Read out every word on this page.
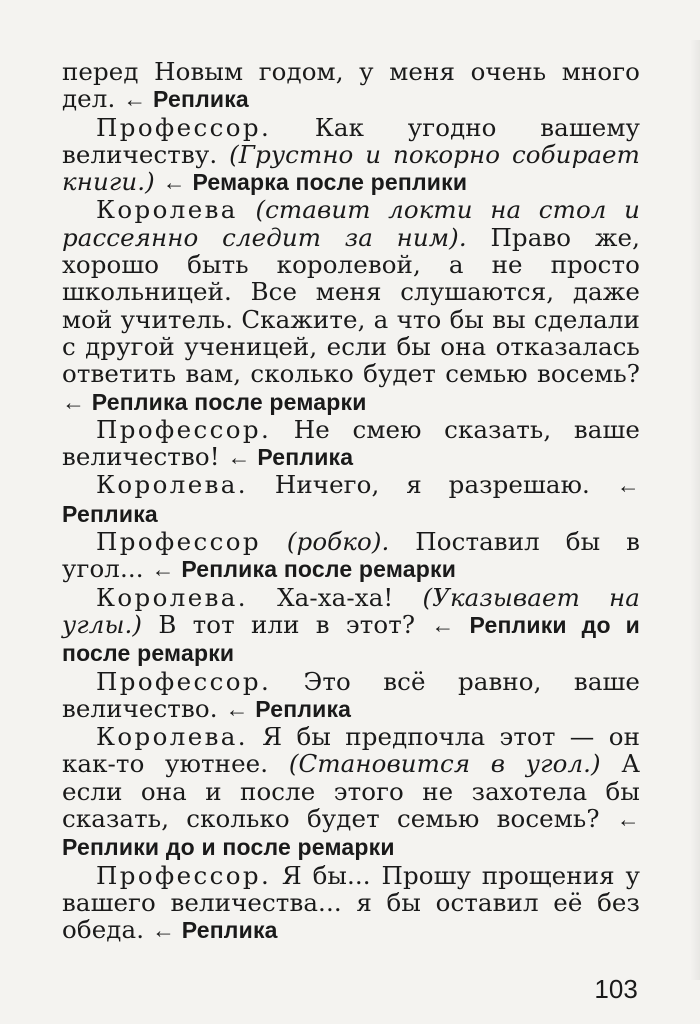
перед Новым годом, у меня очень много дел. ← Реплика

Профессор. Как угодно вашему величеству. (Грустно и покорно собирает книги.) ← Ремарка после реплики

Королева (ставит локти на стол и рассеянно следит за ним). Право же, хорошо быть королевой, а не просто школьницей. Все меня слушаются, даже мой учитель. Скажите, а что бы вы сделали с другой ученицей, если бы она отказалась ответить вам, сколько будет семью восемь? ← Реплика после ремарки

Профессор. Не смею сказать, ваше величество! ← Реплика

Королева. Ничего, я разрешаю. ← Реплика

Профессор (робко). Поставил бы в угол... ← Реплика после ремарки

Королева. Ха-ха-ха! (Указывает на углы.) В тот или в этот? ← Реплики до и после ремарки

Профессор. Это всё равно, ваше величество. ← Реплика

Королева. Я бы предпочла этот — он как-то уютнее. (Становится в угол.) А если она и после этого не захотела бы сказать, сколько будет семью восемь? ← Реплики до и после ремарки

Профессор. Я бы... Прошу прощения у вашего величества... я бы оставил её без обеда. ← Реплика

103
